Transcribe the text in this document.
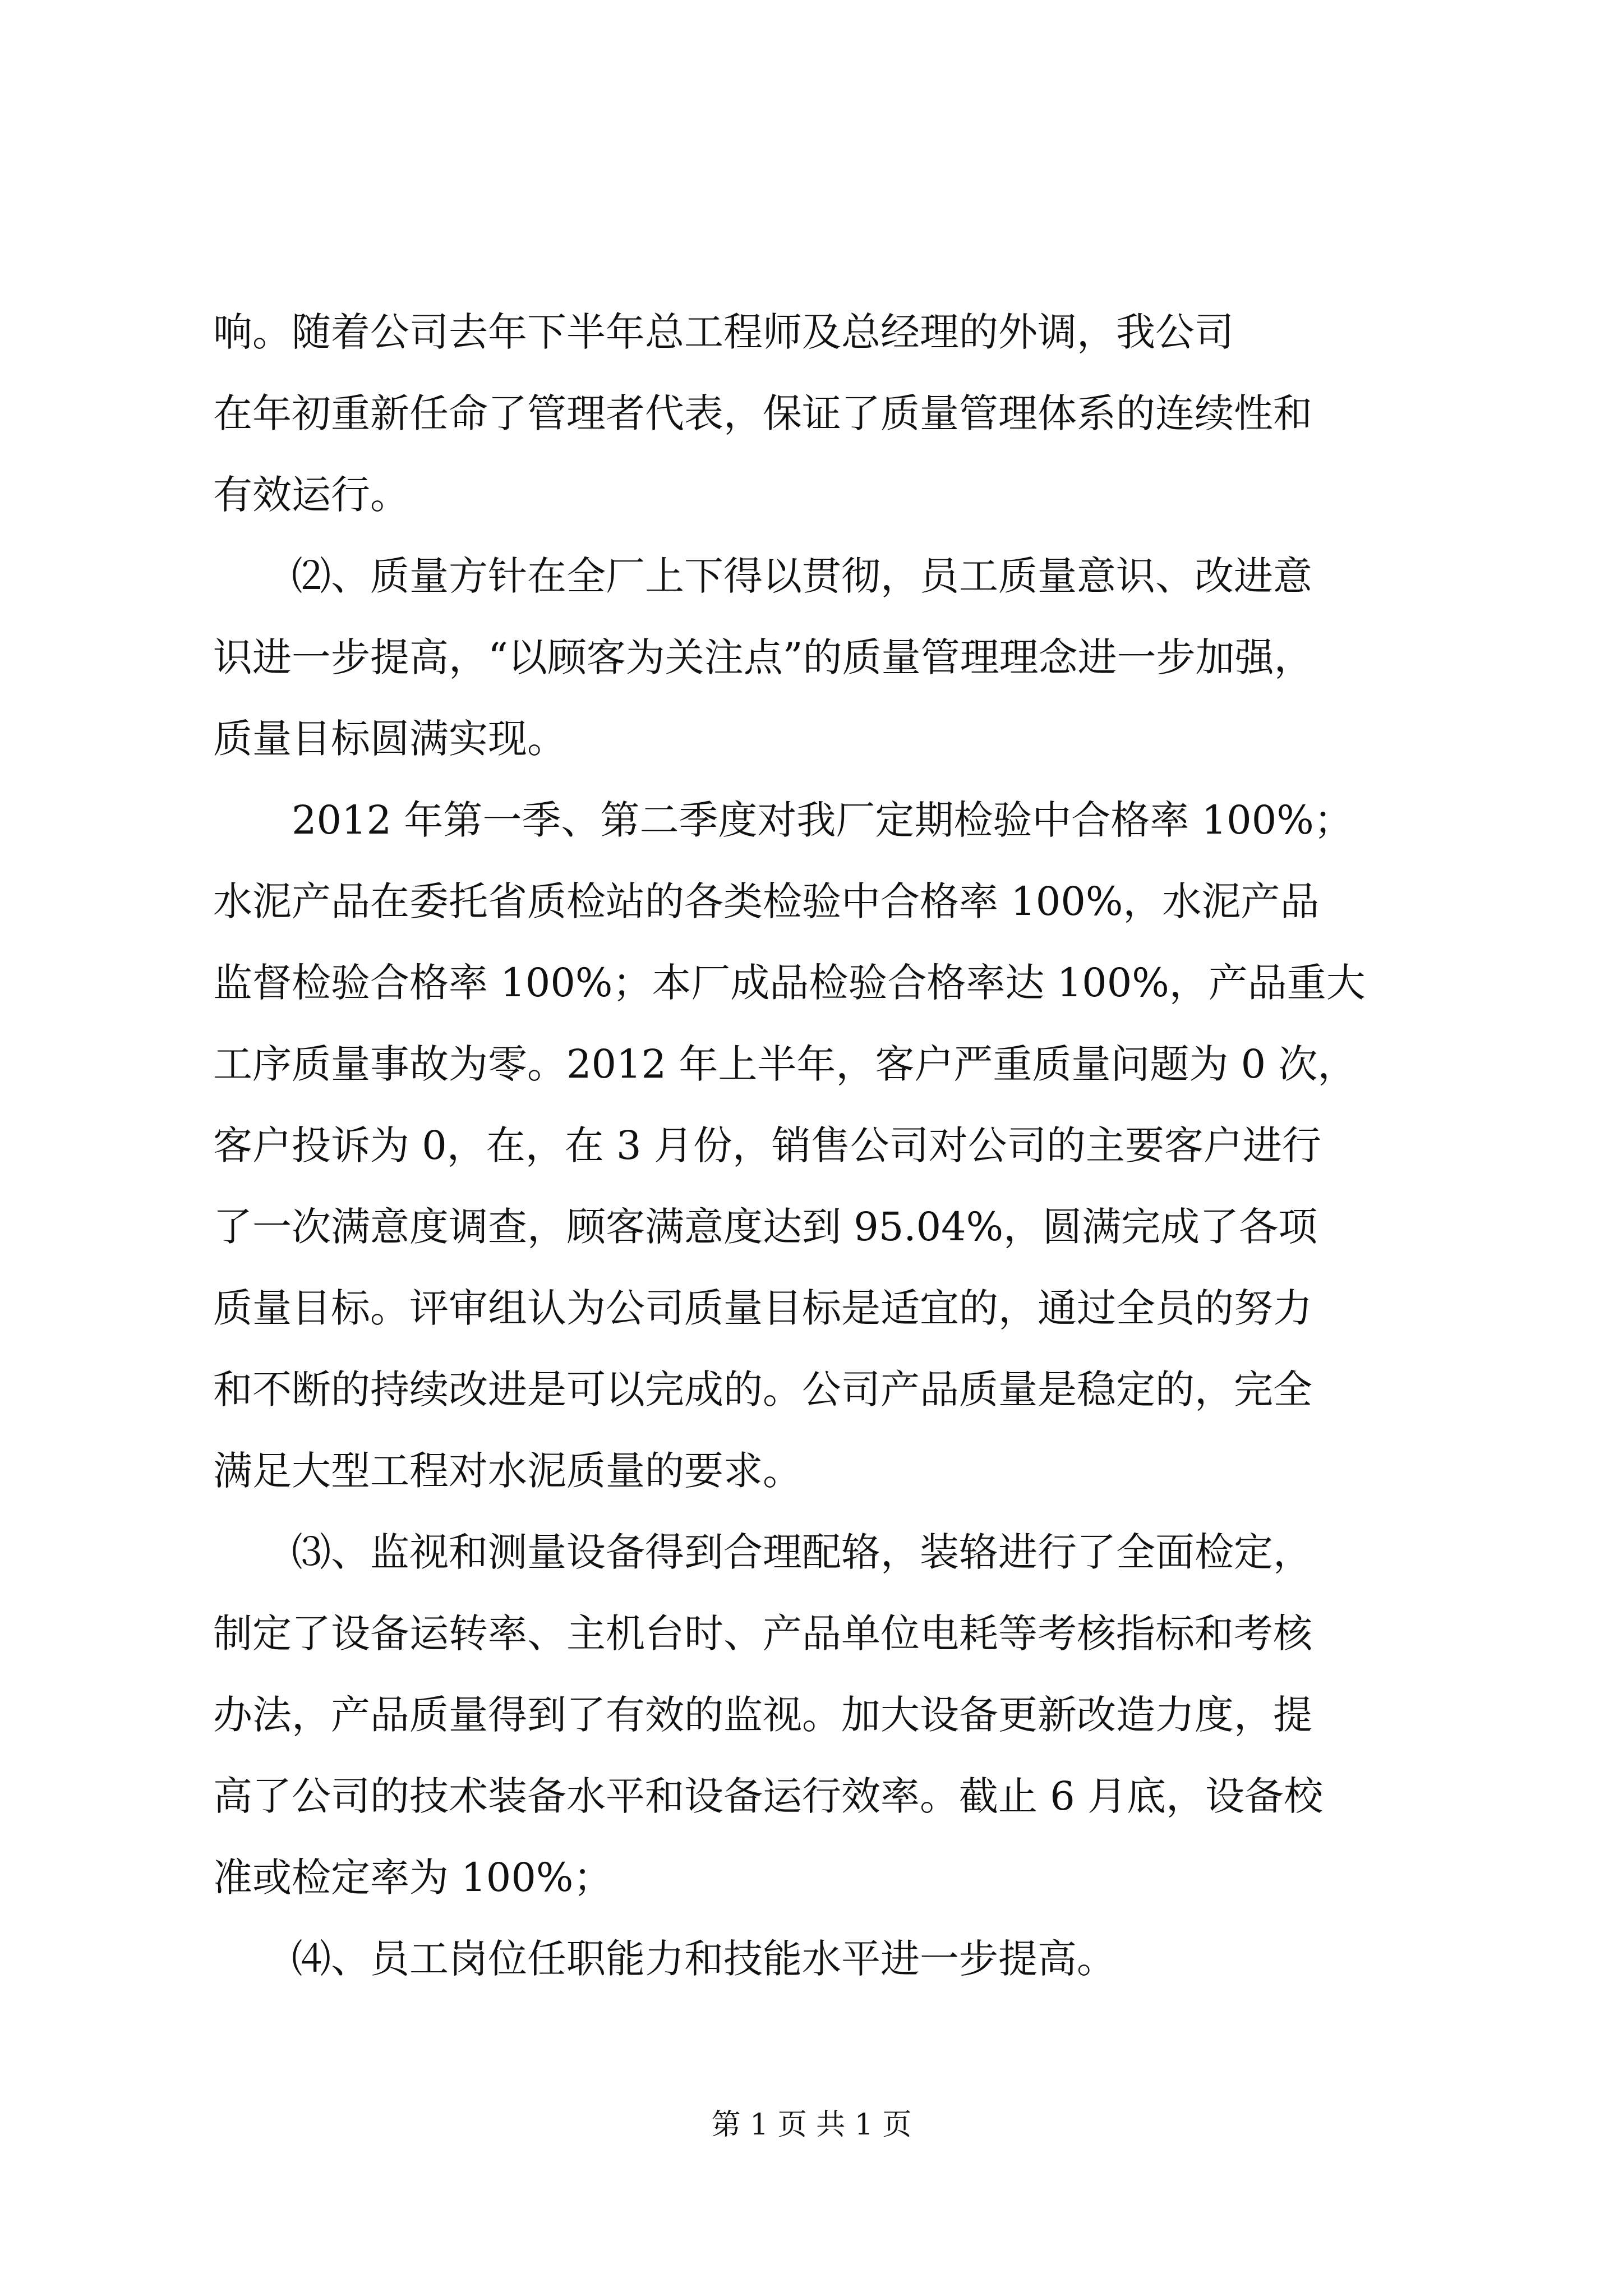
响。随着公司去年下半年总工程师及总经理的外调，我公司
在年初重新任命了管理者代表，保证了质量管理体系的连续性和
有效运行。
⑵、质量方针在全厂上下得以贯彻，员工质量意识、改进意
识进一步提高，“以顾客为关注点”的质量管理理念进一步加强，
质量目标圆满实现。
2012 年第一季、第二季度对我厂定期检验中合格率 100%；
水泥产品在委托省质检站的各类检验中合格率 100%，水泥产品
监督检验合格率 100%；本厂成品检验合格率达 100%，产品重大
工序质量事故为零。2012 年上半年，客户严重质量问题为 0 次，
客户投诉为 0，在，在 3 月份，销售公司对公司的主要客户进行
了一次满意度调查，顾客满意度达到 95.04%，圆满完成了各项
质量目标。评审组认为公司质量目标是适宜的，通过全员的努力
和不断的持续改进是可以完成的。公司产品质量是稳定的，完全
满足大型工程对水泥质量的要求。
⑶、监视和测量设备得到合理配辂，装辂进行了全面检定，
制定了设备运转率、主机台时、产品单位电耗等考核指标和考核
办法，产品质量得到了有效的监视。加大设备更新改造力度，提
高了公司的技术装备水平和设备运行效率。截止 6 月底，设备校
准或检定率为 100%；
⑷、员工岗位任职能力和技能水平进一步提高。
第 1 页 共 1 页
